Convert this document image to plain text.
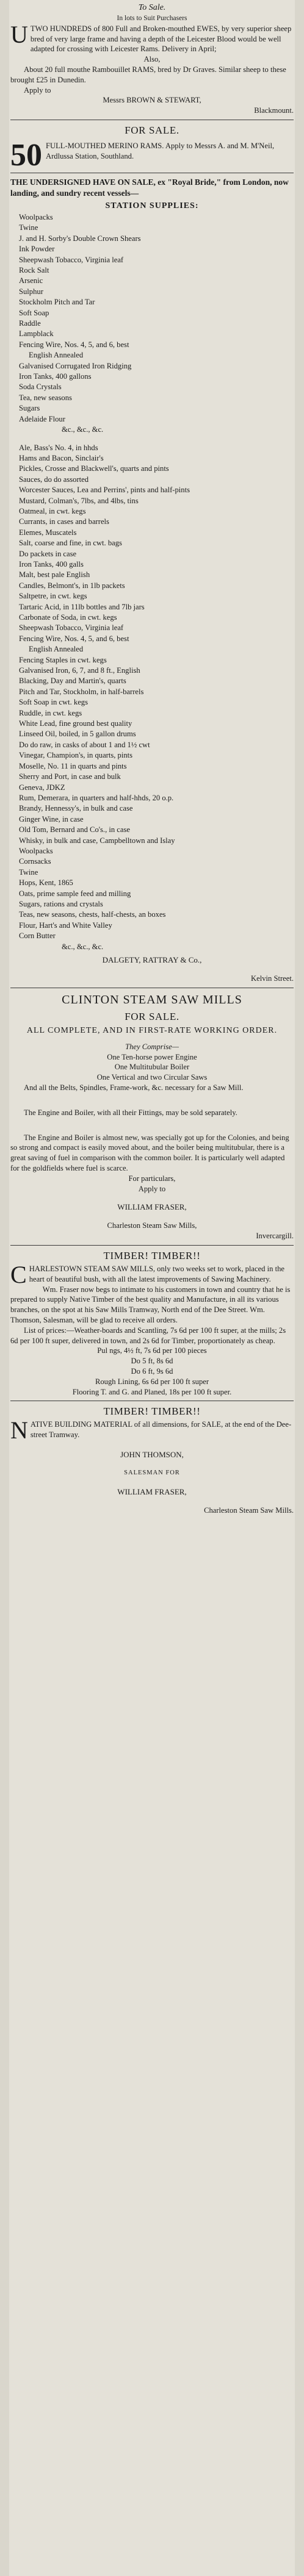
To Sale.
In lots to Suit Purchasers

UTWO HUNDREDS of 800 Full and Broken-mouthed EWES, by very superior sheep bred of very large frame and having a depth of the Leicester Blood would be well adapted for crossing with Leicester Rams. Delivery in April;

Also,

About 20 full mouthe Rambouillet RAMS, bred by Dr Graves. Similar sheep to these brought £25 in Dunedin.

Apply to

Messrs BROWN & STEWART,

Blackmount.

FOR SALE.

50 FULL-MOUTHED MERINO RAMS. Apply to Messrs A. and M. M'Neil, Ardlussa Station, Southland.

THE UNDERSIGNED HAVE ON SALE, ex "Royal Bride," from London, now landing, and sundry recent vessels—

STATION SUPPLIES:
Woolpacks
Twine
J. and H. Sorby's Double Crown Shears
Ink Powder
Sheepwash Tobacco, Virginia leaf
Rock Salt
Arsenic
Sulphur
Stockholm Pitch and Tar
Soft Soap
Raddle
Lampblack
Fencing Wire, Nos. 4, 5, and 6, best
English Annealed
Galvanised Corrugated Iron Ridging
Iron Tanks, 400 gallons
Soda Crystals
Tea, new seasons
Sugars
Adelaide Flour
&c., &c., &c.
Ale, Bass's No. 4, in hhds
Hams and Bacon, Sinclair's
Pickles, Crosse and Blackwell's, quarts and pints
Sauces, do do assorted
Worcester Sauces, Lea and Perrins', pints and half-pints
Mustard, Colman's, 7lbs, and 4lbs, tins
Oatmeal, in cwt. kegs
Currants, in cases and barrels
Elemes, Muscatels
Salt, coarse and fine, in cwt. bags
Do packets in case
Iron Tanks, 400 galls
Malt, best pale English
Candles, Belmont's, in 1lb packets
Saltpetre, in cwt. kegs
Tartaric Acid, in 11lb bottles and 7lb jars
Carbonate of Soda, in cwt. kegs
Sheepwash Tobacco, Virginia leaf
Fencing Wire, Nos. 4, 5, and 6, best
English Annealed
Fencing Staples in cwt. kegs
Galvanised Iron, 6, 7, and 8 ft., English
Blacking, Day and Martin's, quarts
Pitch and Tar, Stockholm, in half-barrels
Soft Soap in cwt. kegs
Ruddle, in cwt. kegs
White Lead, fine ground best quality
Linseed Oil, boiled, in 5 gallon drums
Do do raw, in casks of about 1 and 1½ cwt
Vinegar, Champion's, in quarts, pints
Moselle, No. 11 in quarts and pints
Sherry and Port, in case and bulk
Geneva, JDKZ
Rum, Demerara, in quarters and half-hhds, 20 o.p.
Brandy, Hennessy's, in bulk and case
Ginger Wine, in case
Old Tom, Bernard and Co's., in case
Whisky, in bulk and case, Campbelltown and Islay
Woolpacks
Cornsacks
Twine
Hops, Kent, 1865
Oats, prime sample feed and milling
Sugars, rations and crystals
Teas, new seasons, chests, half-chests, an boxes
Flour, Hart's and White Valley
Corn Butter
&c., &c., &c.

DALGETY, RATTRAY & Co.,

Kelvin Street.

CLINTON STEAM SAW MILLS
FOR SALE.
ALL COMPLETE, AND IN FIRST-RATE WORKING ORDER.
They Comprise—
One Ten-horse power Engine
One Multitubular Boiler
One Vertical and two Circular Saws

And all the Belts, Spindles, Frame-work, &c. necessary for a Saw Mill.

The Engine and Boiler, with all their Fittings, may be sold separately.

The Engine and Boiler is almost new, was specially got up for the Colonies, and being so strong and compact is easily moved about, and the boiler being multitubular, there is a great saving of fuel in comparison with the common boiler. It is particularly well adapted for the goldfields where fuel is scarce.

For particulars,

Apply to

WILLIAM FRASER,

Charleston Steam Saw Mills,

Invercargill.

TIMBER! TIMBER!!

CHARLESTOWN STEAM SAW MILLS, only two weeks set to work, placed in the heart of beautiful bush, with all the latest improvements of Sawing Machinery.

Wm. Fraser now begs to intimate to his customers in town and country that he is prepared to supply Native Timber of the best quality and Manufacture, in all its various branches, on the spot at his Saw Mills Tramway, North end of the Dee Street. Wm. Thomson, Salesman, will be glad to receive all orders.

List of prices:—Weather-boards and Scantling, 7s 6d per 100 ft super, at the mills; 2s 6d per 100 ft super, delivered in town, and 2s 6d for Timber, proportionately as cheap.

Pul ngs, 4½ ft, 7s 6d per 100 pieces
Do 5 ft, 8s 6d
Do 6 ft, 9s 6d
Rough Lining, 6s 6d per 100 ft super
Flooring T. and G. and Planed, 18s per 100 ft super.
TIMBER! TIMBER!!

NATIVE BUILDING MATERIAL of all dimensions, for SALE, at the end of the Dee-street Tramway.

JOHN THOMSON,

SALESMAN FOR

WILLIAM FRASER,

Charleston Steam Saw Mills.
